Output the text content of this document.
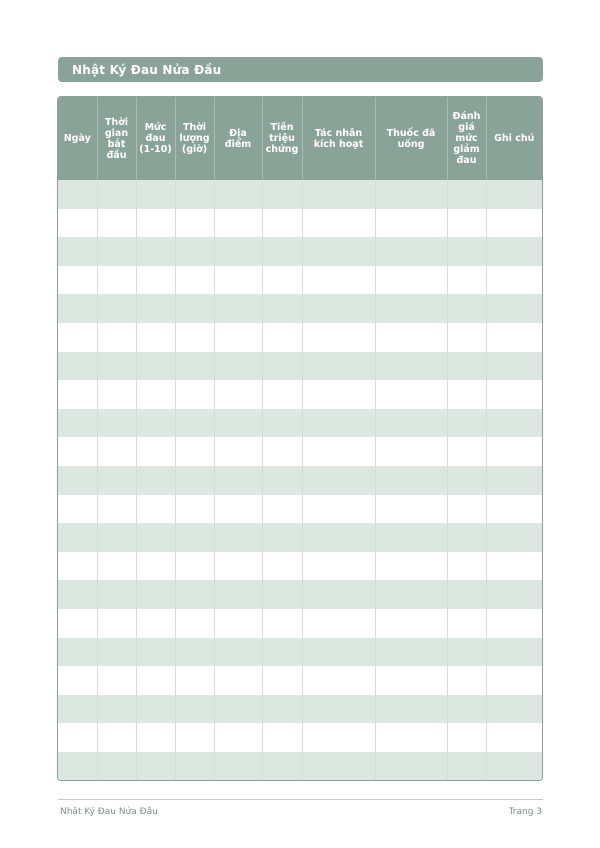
Nhật Ký Đau Nửa Đầu
Ngày	Thời gian bắt đầu	Mức đau (1-10)	Thời lượng (giờ)	Địa điểm	Tiền triệu chứng	Tác nhân kích hoạt	Thuốc đã uống	Đánh giá mức giảm đau	Ghi chú

Nhật Ký Đau Nửa Đầu	Trang 3
